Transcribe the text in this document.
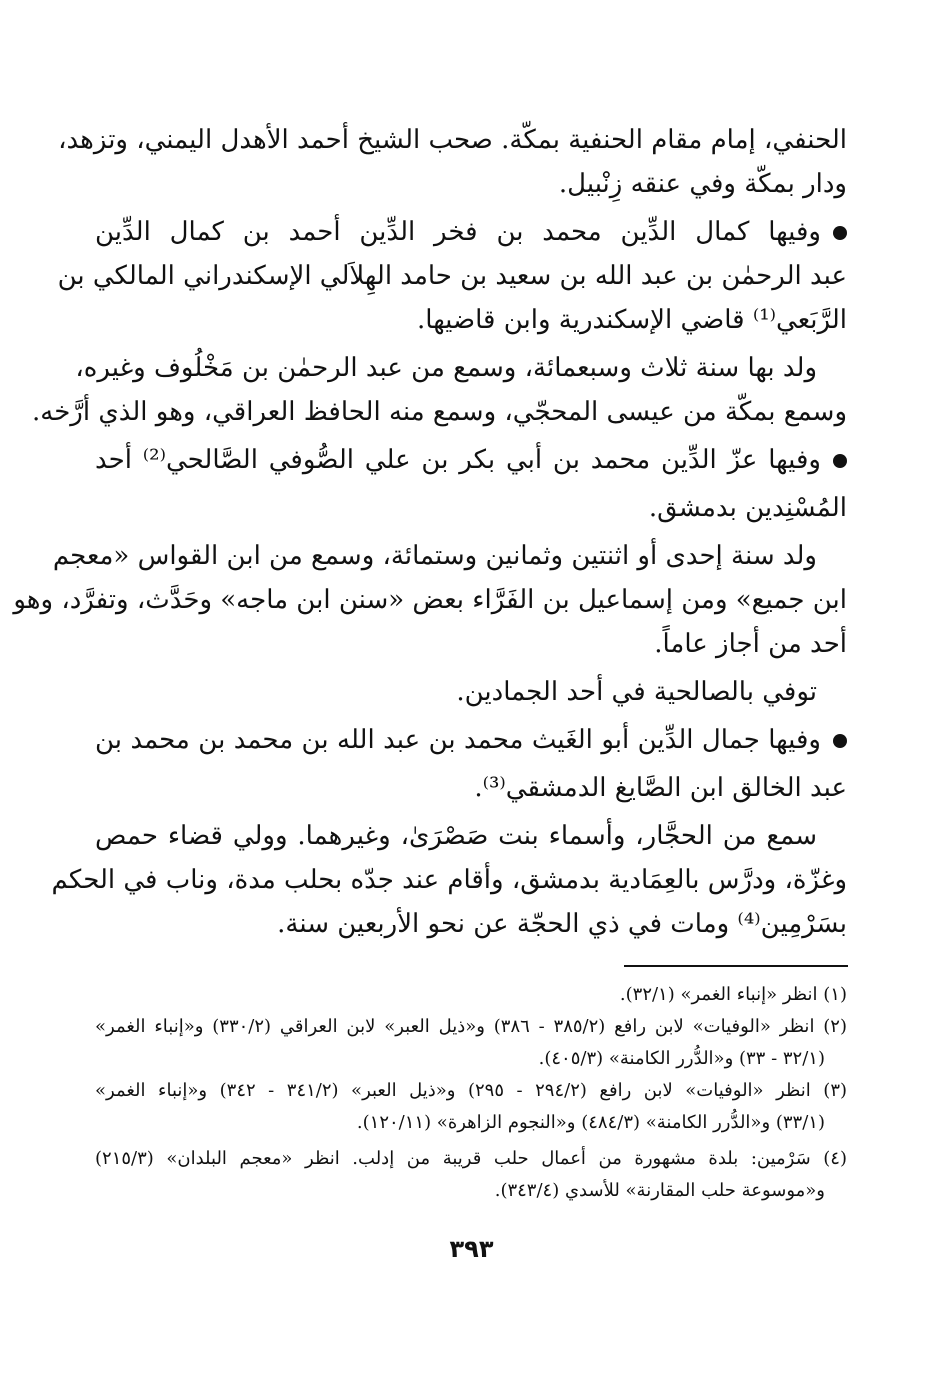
الحنفي، إمام مقام الحنفية بمكّة. صحب الشيخ أحمد الأهدل اليمني، وتزهد،
ودار بمكّة وفي عنقه زِنْبيل.
وفيها كمال الدِّين محمد بن فخر الدِّين أحمد بن كمال الدِّين
عبد الرحمٰن بن عبد الله بن سعيد بن حامد الهِلاَلي الإسكندراني المالكي بن
الرَّبَعي⁽¹⁾ قاضي الإسكندرية وابن قاضيها.
ولد بها سنة ثلاث وسبعمائة، وسمع من عبد الرحمٰن بن مَخْلُوف وغيره،
وسمع بمكّة من عيسى المحجّي، وسمع منه الحافظ العراقي، وهو الذي أرَّخه.
وفيها عزّ الدِّين محمد بن أبي بكر بن علي الصُّوفي الصَّالحي⁽²⁾ أحد
المُسْنِدين بدمشق.
ولد سنة إحدى أو اثنتين وثمانين وستمائة، وسمع من ابن القواس «معجم
ابن جميع» ومن إسماعيل بن الفَرَّاء بعض «سنن ابن ماجه» وحَدَّث، وتفرَّد، وهو
أحد من أجاز عاماً.
توفي بالصالحية في أحد الجمادين.
وفيها جمال الدِّين أبو الغَيث محمد بن عبد الله بن محمد بن محمد بن
عبد الخالق ابن الصَّايغ الدمشقي⁽³⁾.
سمع من الحجَّار، وأسماء بنت صَصْرَىٰ، وغيرهما. وولي قضاء حمص
وغزّة، ودرَّس بالعِمَادية بدمشق، وأقام عند جدّه بحلب مدة، وناب في الحكم
بسَرْمِين⁽⁴⁾ ومات في ذي الحجّة عن نحو الأربعين سنة.
(١) انظر «إنباء الغمر» (٣٢/١).
(٢) انظر «الوفيات» لابن رافع (٣٨٥/٢ - ٣٨٦) و«ذيل العبر» لابن العراقي (٣٣٠/٢) و«إنباء الغمر»
(٣٢/١ - ٣٣) و«الدُّرر الكامنة» (٤٠٥/٣).
(٣) انظر «الوفيات» لابن رافع (٢٩٤/٢ - ٢٩٥) و«ذيل العبر» (٣٤١/٢ - ٣٤٢) و«إنباء الغمر»
(٣٣/١) و«الدُّرر الكامنة» (٤٨٤/٣) و«النجوم الزاهرة» (١٢٠/١١).
(٤) سَرْمين: بلدة مشهورة من أعمال حلب قريبة من إدلب. انظر «معجم البلدان» (٢١٥/٣)
و«موسوعة حلب المقارنة» للأسدي (٣٤٣/٤).
٣٩٣
